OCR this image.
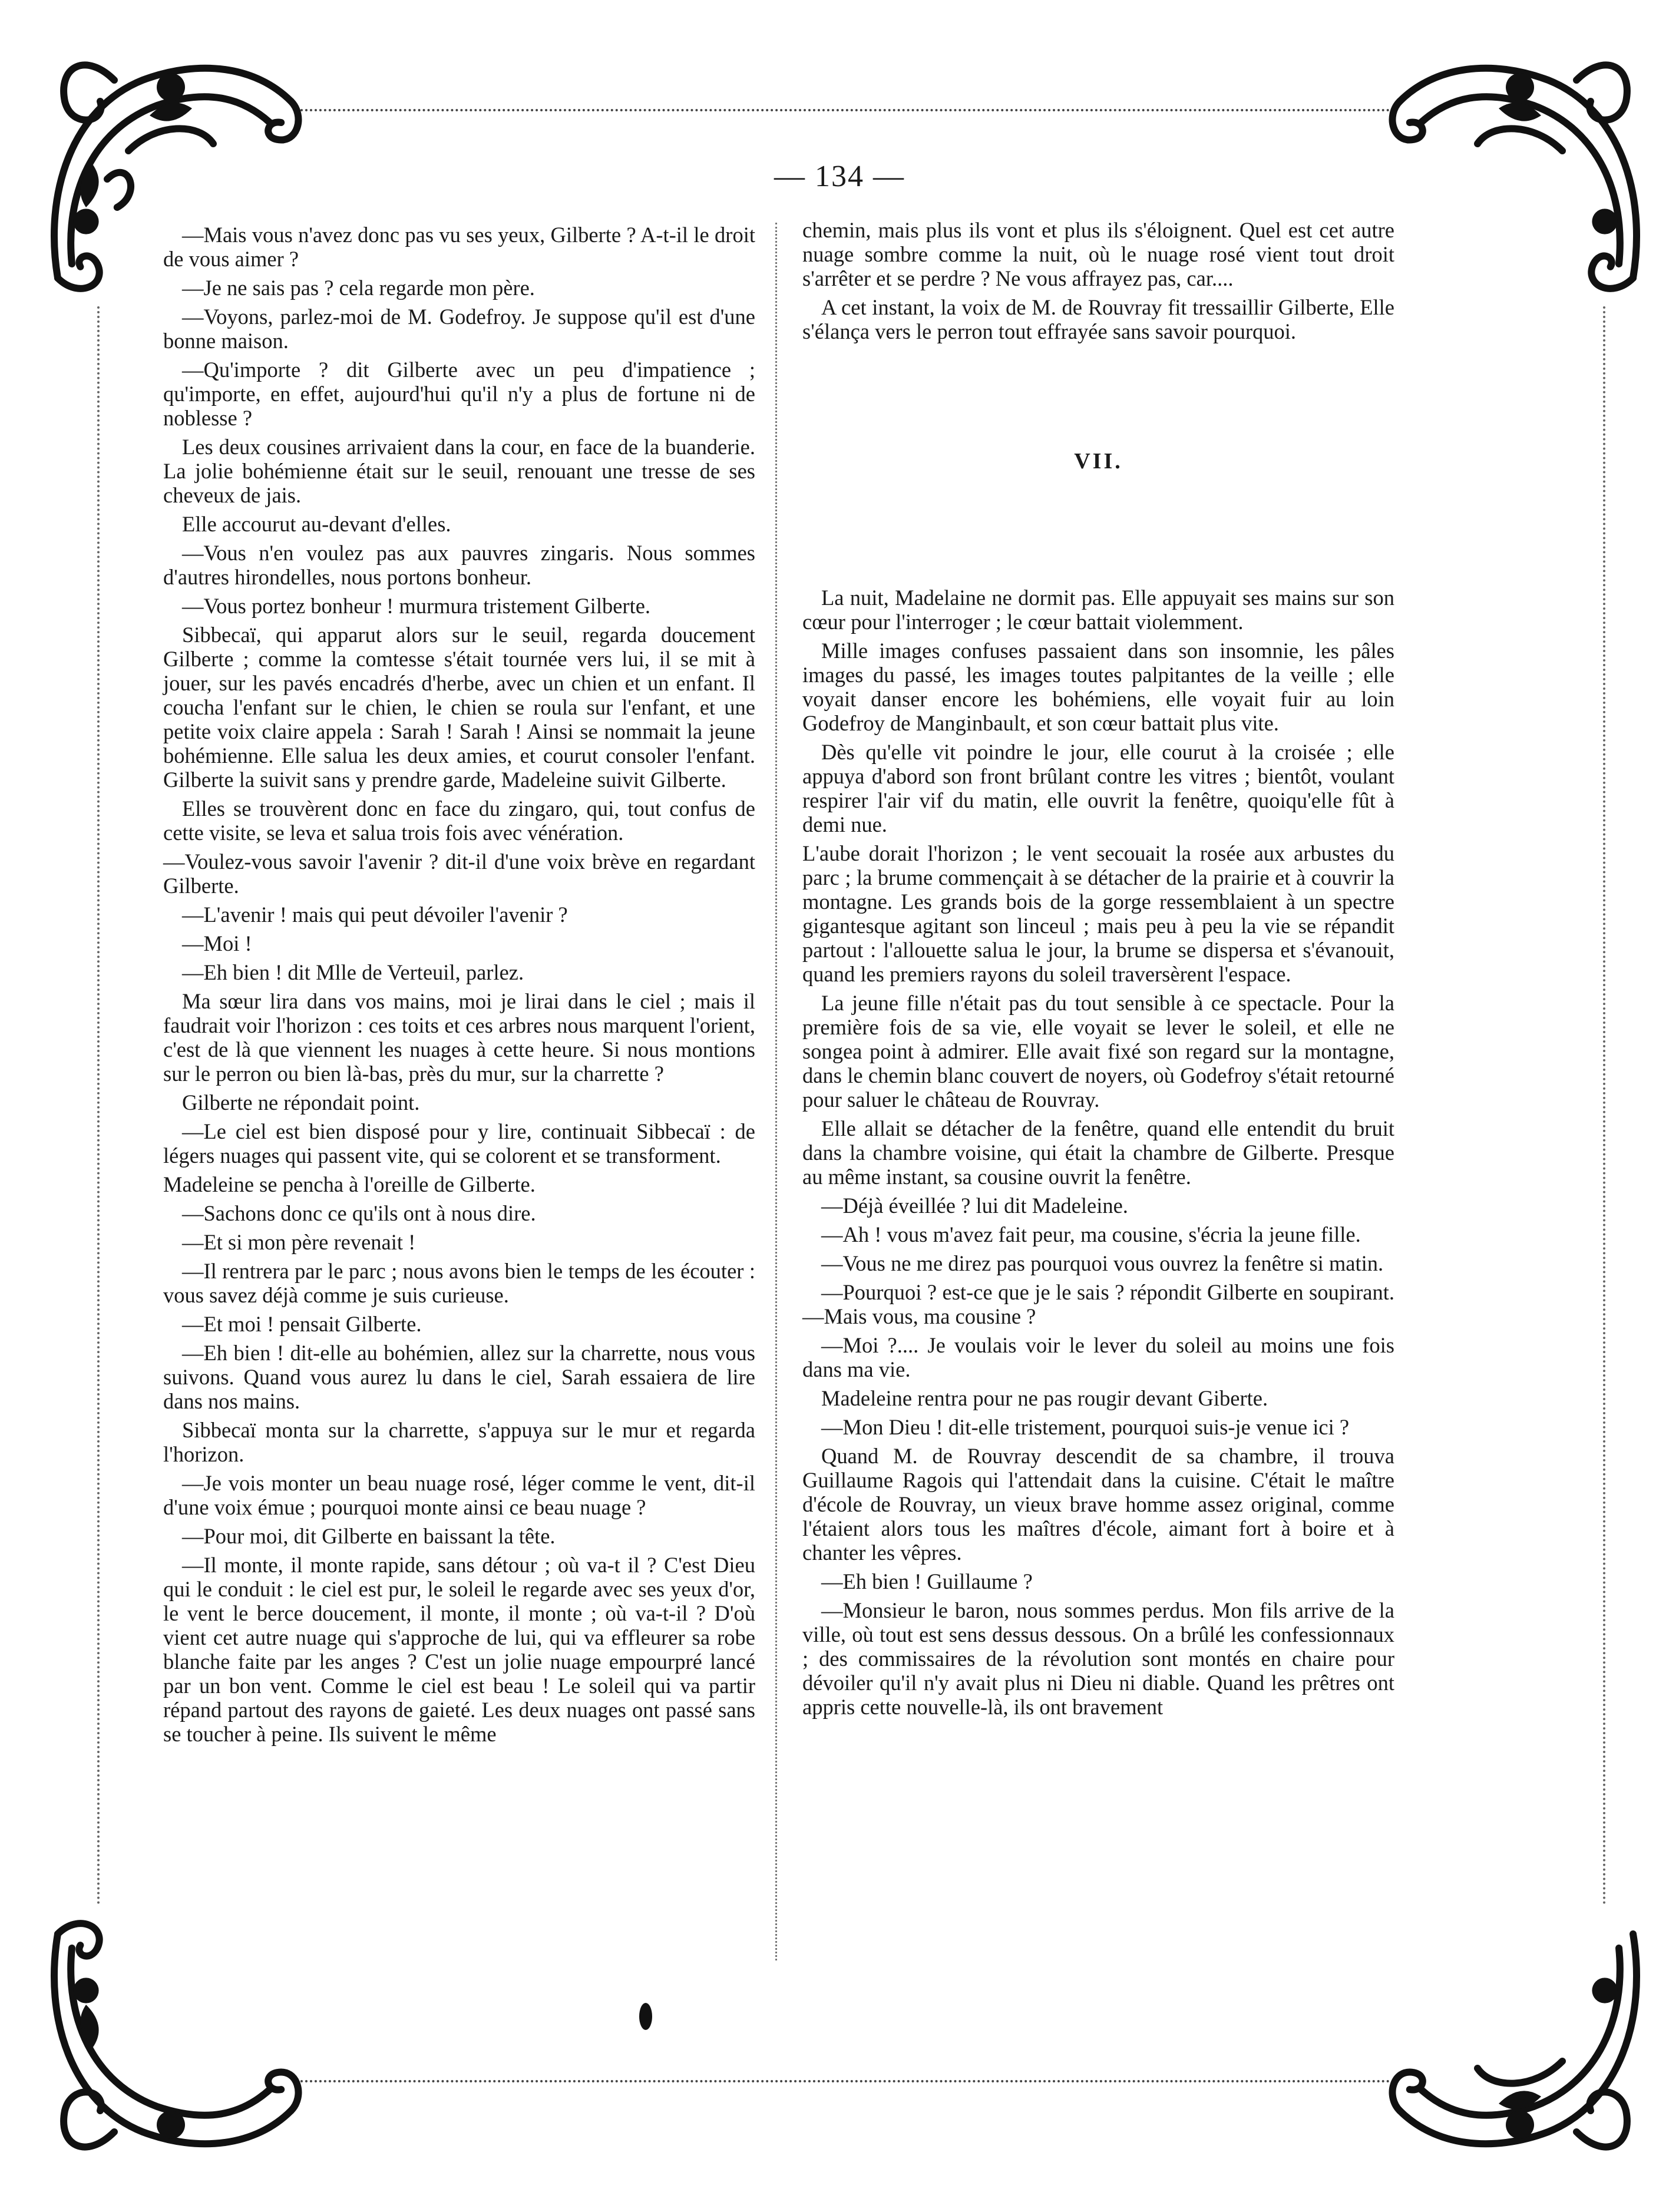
— 134 —

—Mais vous n'avez donc pas vu ses yeux, Gilberte ? A-t-il le droit de vous aimer ?

—Je ne sais pas ? cela regarde mon père.

—Voyons, parlez-moi de M. Godefroy. Je suppose qu'il est d'une bonne maison.

—Qu'importe ? dit Gilberte avec un peu d'impatience ; qu'importe, en effet, aujourd'hui qu'il n'y a plus de fortune ni de noblesse ?

Les deux cousines arrivaient dans la cour, en face de la buanderie. La jolie bohémienne était sur le seuil, renouant une tresse de ses cheveux de jais.

Elle accourut au-devant d'elles.

—Vous n'en voulez pas aux pauvres zingaris. Nous sommes d'autres hirondelles, nous portons bonheur.

—Vous portez bonheur ! murmura tristement Gilberte.

Sibbecaï, qui apparut alors sur le seuil, regarda doucement Gilberte ; comme la comtesse s'était tournée vers lui, il se mit à jouer, sur les pavés encadrés d'herbe, avec un chien et un enfant. Il coucha l'enfant sur le chien, le chien se roula sur l'enfant, et une petite voix claire appela : Sarah ! Sarah ! Ainsi se nommait la jeune bohémienne. Elle salua les deux amies, et courut consoler l'enfant. Gilberte la suivit sans y prendre garde, Madeleine suivit Gilberte.

Elles se trouvèrent donc en face du zingaro, qui, tout confus de cette visite, se leva et salua trois fois avec vénération.

—Voulez-vous savoir l'avenir ? dit-il d'une voix brève en regardant Gilberte.

—L'avenir ! mais qui peut dévoiler l'avenir ?

—Moi !

—Eh bien ! dit Mlle de Verteuil, parlez.

Ma sœur lira dans vos mains, moi je lirai dans le ciel ; mais il faudrait voir l'horizon : ces toits et ces arbres nous marquent l'orient, c'est de là que viennent les nuages à cette heure. Si nous montions sur le perron ou bien là-bas, près du mur, sur la charrette ?

Gilberte ne répondait point.

—Le ciel est bien disposé pour y lire, continuait Sibbecaï : de légers nuages qui passent vite, qui se colorent et se transforment.

Madeleine se pencha à l'oreille de Gilberte.

—Sachons donc ce qu'ils ont à nous dire.

—Et si mon père revenait !

—Il rentrera par le parc ; nous avons bien le temps de les écouter : vous savez déjà comme je suis curieuse.

—Et moi ! pensait Gilberte.

—Eh bien ! dit-elle au bohémien, allez sur la charrette, nous vous suivons. Quand vous aurez lu dans le ciel, Sarah essaiera de lire dans nos mains.

Sibbecaï monta sur la charrette, s'appuya sur le mur et regarda l'horizon.

—Je vois monter un beau nuage rosé, léger comme le vent, dit-il d'une voix émue ; pourquoi monte ainsi ce beau nuage ?

—Pour moi, dit Gilberte en baissant la tête.

—Il monte, il monte rapide, sans détour ; où va-t il ? C'est Dieu qui le conduit : le ciel est pur, le soleil le regarde avec ses yeux d'or, le vent le berce doucement, il monte, il monte ; où va-t-il ? D'où vient cet autre nuage qui s'approche de lui, qui va effleurer sa robe blanche faite par les anges ? C'est un jolie nuage empourpré lancé par un bon vent. Comme le ciel est beau ! Le soleil qui va partir répand partout des rayons de gaieté. Les deux nuages ont passé sans se toucher à peine. Ils suivent le même

chemin, mais plus ils vont et plus ils s'éloignent. Quel est cet autre nuage sombre comme la nuit, où le nuage rosé vient tout droit s'arrêter et se perdre ? Ne vous affrayez pas, car....

A cet instant, la voix de M. de Rouvray fit tressaillir Gilberte, Elle s'élança vers le perron tout effrayée sans savoir pourquoi.

VII.

La nuit, Madelaine ne dormit pas. Elle appuyait ses mains sur son cœur pour l'interroger ; le cœur battait violemment.

Mille images confuses passaient dans son insomnie, les pâles images du passé, les images toutes palpitantes de la veille ; elle voyait danser encore les bohémiens, elle voyait fuir au loin Godefroy de Manginbault, et son cœur battait plus vite.

Dès qu'elle vit poindre le jour, elle courut à la croisée ; elle appuya d'abord son front brûlant contre les vitres ; bientôt, voulant respirer l'air vif du matin, elle ouvrit la fenêtre, quoiqu'elle fût à demi nue.

L'aube dorait l'horizon ; le vent secouait la rosée aux arbustes du parc ; la brume commençait à se détacher de la prairie et à couvrir la montagne. Les grands bois de la gorge ressemblaient à un spectre gigantesque agitant son linceul ; mais peu à peu la vie se répandit partout : l'allouette salua le jour, la brume se dispersa et s'évanouit, quand les premiers rayons du soleil traversèrent l'espace.

La jeune fille n'était pas du tout sensible à ce spectacle. Pour la première fois de sa vie, elle voyait se lever le soleil, et elle ne songea point à admirer. Elle avait fixé son regard sur la montagne, dans le chemin blanc couvert de noyers, où Godefroy s'était retourné pour saluer le château de Rouvray.

Elle allait se détacher de la fenêtre, quand elle entendit du bruit dans la chambre voisine, qui était la chambre de Gilberte. Presque au même instant, sa cousine ouvrit la fenêtre.

—Déjà éveillée ? lui dit Madeleine.

—Ah ! vous m'avez fait peur, ma cousine, s'écria la jeune fille.

—Vous ne me direz pas pourquoi vous ouvrez la fenêtre si matin.

—Pourquoi ? est-ce que je le sais ? répondit Gilberte en soupirant.—Mais vous, ma cousine ?

—Moi ?.... Je voulais voir le lever du soleil au moins une fois dans ma vie.

Madeleine rentra pour ne pas rougir devant Giberte.

—Mon Dieu ! dit-elle tristement, pourquoi suis-je venue ici ?

Quand M. de Rouvray descendit de sa chambre, il trouva Guillaume Ragois qui l'attendait dans la cuisine. C'était le maître d'école de Rouvray, un vieux brave homme assez original, comme l'étaient alors tous les maîtres d'école, aimant fort à boire et à chanter les vêpres.

—Eh bien ! Guillaume ?

—Monsieur le baron, nous sommes perdus. Mon fils arrive de la ville, où tout est sens dessus dessous. On a brûlé les confessionnaux ; des commissaires de la révolution sont montés en chaire pour dévoiler qu'il n'y avait plus ni Dieu ni diable. Quand les prêtres ont appris cette nouvelle-là, ils ont bravement
